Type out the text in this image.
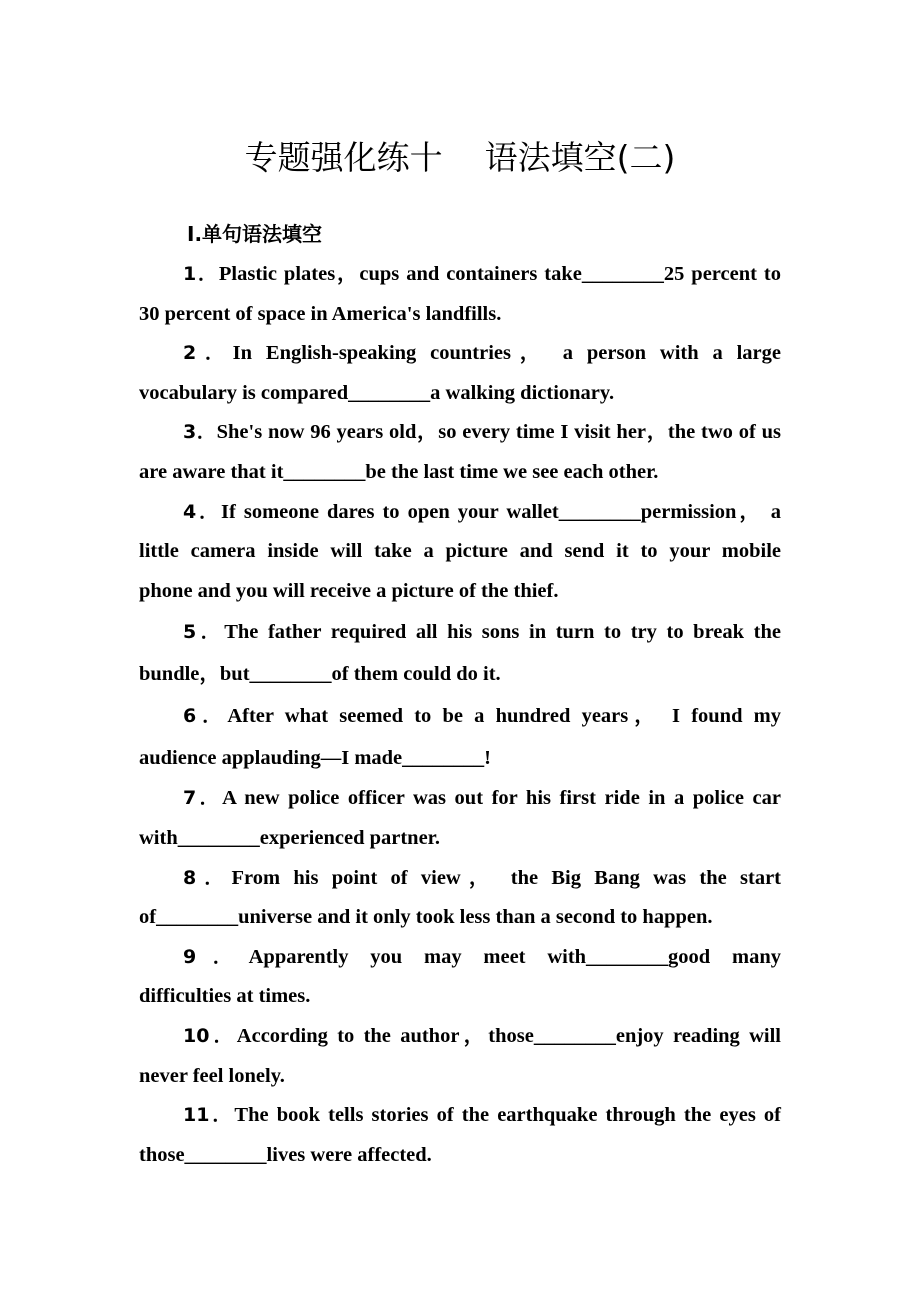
专题强化练十 语法填空(二)
Ⅰ.单句语法填空
1．Plastic plates，cups and containers take________25 percent to
30 percent of space in America's landfills.
2．In English-speaking countries， a person with a large
vocabulary is compared________a walking dictionary.
3．She's now 96 years old，so every time I visit her，the two of us
are aware that it________be the last time we see each other.
4．If someone dares to open your wallet________permission， a
little camera inside will take a picture and send it to your mobile
phone and you will receive a picture of the thief.
5．The father required all his sons in turn to try to break the
bundle，but________of them could do it.
6．After what seemed to be a hundred years， I found my
audience applauding—I made________!
7．A new police officer was out for his first ride in a police car
with________experienced partner.
8．From his point of view， the Big Bang was the start
of________universe and it only took less than a second to happen.
9．Apparently you may meet with________good many
difficulties at times.
10．According to the author，those________enjoy reading will
never feel lonely.
11．The book tells stories of the earthquake through the eyes of
those________lives were affected.
